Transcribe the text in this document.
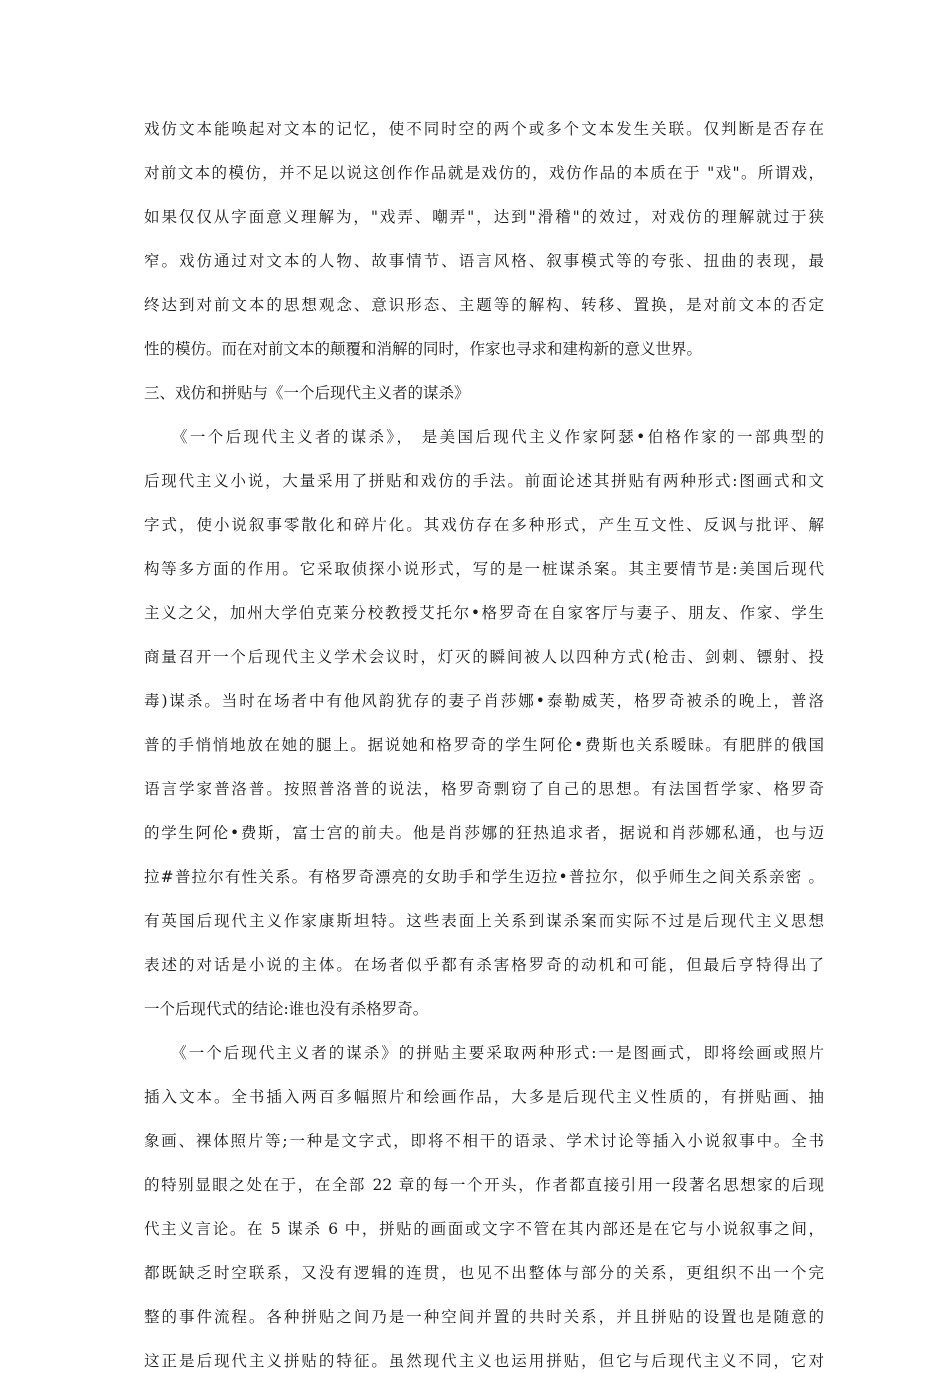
戏仿文本能唤起对文本的记忆，使不同时空的两个或多个文本发生关联。仅判断是否存在
对前文本的模仿，并不足以说这创作作品就是戏仿的，戏仿作品的本质在于 "戏"。所谓戏，
如果仅仅从字面意义理解为，"戏弄、嘲弄"，达到"滑稽"的效过，对戏仿的理解就过于狭
窄。戏仿通过对文本的人物、故事情节、语言风格、叙事模式等的夸张、扭曲的表现，最
终达到对前文本的思想观念、意识形态、主题等的解构、转移、置换，是对前文本的否定
性的模仿。而在对前文本的颠覆和消解的同时，作家也寻求和建构新的意义世界。
三、戏仿和拼贴与《一个后现代主义者的谋杀》
　　《一个后现代主义者的谋杀》， 是美国后现代主义作家阿瑟•伯格作家的一部典型的
后现代主义小说，大量采用了拼贴和戏仿的手法。前面论述其拼贴有两种形式:图画式和文
字式，使小说叙事零散化和碎片化。其戏仿存在多种形式，产生互文性、反讽与批评、解
构等多方面的作用。它采取侦探小说形式，写的是一桩谋杀案。其主要情节是:美国后现代
主义之父，加州大学伯克莱分校教授艾托尔•格罗奇在自家客厅与妻子、朋友、作家、学生
商量召开一个后现代主义学术会议时，灯灭的瞬间被人以四种方式(枪击、剑刺、镖射、投
毒)谋杀。当时在场者中有他风韵犹存的妻子肖莎娜•泰勒威芙，格罗奇被杀的晚上，普洛
普的手悄悄地放在她的腿上。据说她和格罗奇的学生阿伦•费斯也关系暧昧。有肥胖的俄国
语言学家普洛普。按照普洛普的说法，格罗奇剽窃了自己的思想。有法国哲学家、格罗奇
的学生阿伦•费斯，富士宫的前夫。他是肖莎娜的狂热追求者，据说和肖莎娜私通，也与迈
拉#普拉尔有性关系。有格罗奇漂亮的女助手和学生迈拉•普拉尔，似乎师生之间关系亲密 。
有英国后现代主义作家康斯坦特。这些表面上关系到谋杀案而实际不过是后现代主义思想
表述的对话是小说的主体。在场者似乎都有杀害格罗奇的动机和可能，但最后亨特得出了
一个后现代式的结论:谁也没有杀格罗奇。
　　《一个后现代主义者的谋杀》的拼贴主要采取两种形式:一是图画式，即将绘画或照片
插入文本。全书插入两百多幅照片和绘画作品，大多是后现代主义性质的，有拼贴画、抽
象画、裸体照片等;一种是文字式，即将不相干的语录、学术讨论等插入小说叙事中。全书
的特别显眼之处在于，在全部 22 章的每一个开头，作者都直接引用一段著名思想家的后现
代主义言论。在 5 谋杀 6 中，拼贴的画面或文字不管在其内部还是在它与小说叙事之间，
都既缺乏时空联系，又没有逻辑的连贯，也见不出整体与部分的关系，更组织不出一个完
整的事件流程。各种拼贴之间乃是一种空间并置的共时关系，并且拼贴的设置也是随意的
这正是后现代主义拼贴的特征。虽然现代主义也运用拼贴，但它与后现代主义不同，它对
